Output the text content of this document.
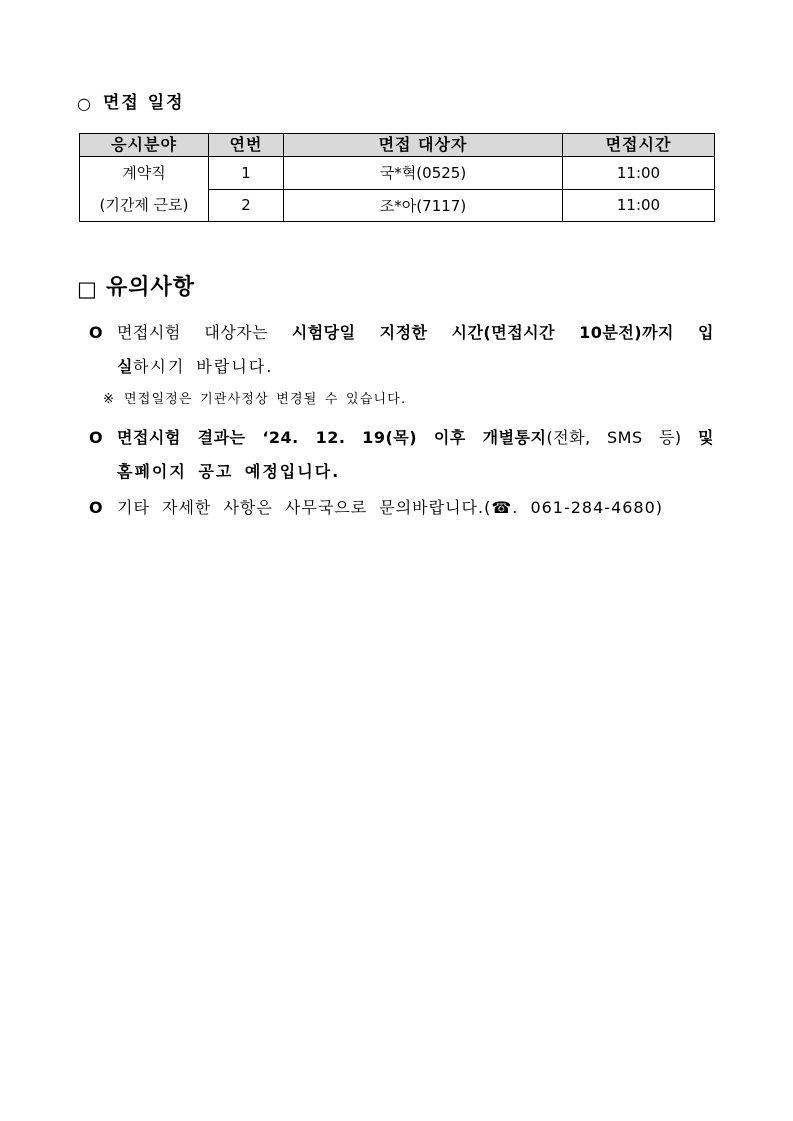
○ 면접 일정
응시분야	연번	면접 대상자	면접시간

계약직
(기간제 근로)	1	국*혁(0525)	11:00
	2	조*아(7117)	11:00
□ 유의사항
O 면접시험 대상자는 시험당일 지정한 시간(면접시간 10분전)까지 입
실하시기 바랍니다.
※ 면접일정은 기관사정상 변경될 수 있습니다.
O 면접시험 결과는 ‘24. 12. 19(목) 이후 개별통지(전화, SMS 등) 및
홈페이지 공고 예정입니다.
O 기타 자세한 사항은 사무국으로 문의바랍니다.(☎. 061-284-4680)
